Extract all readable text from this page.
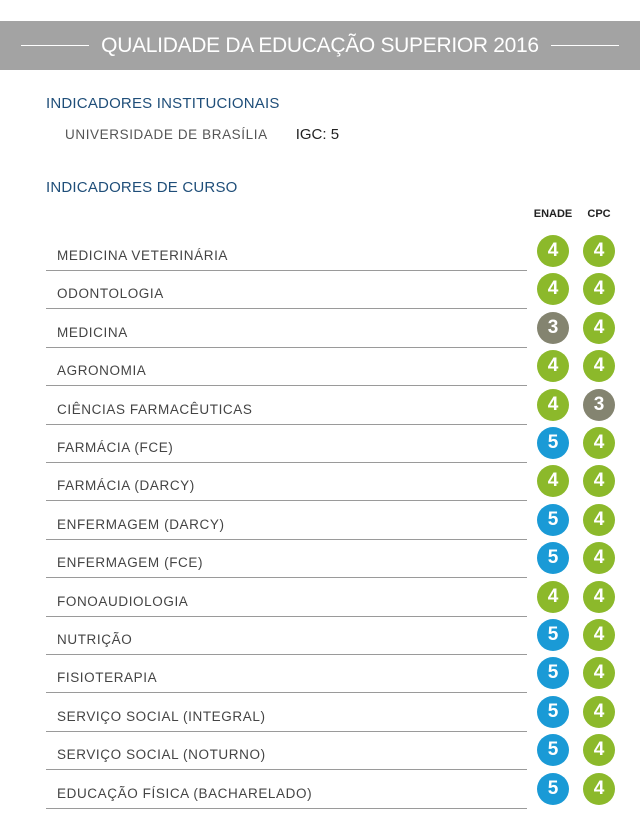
QUALIDADE DA EDUCAÇÃO SUPERIOR 2016
INDICADORES INSTITUCIONAIS
UNIVERSIDADE DE BRASÍLIA IGC: 5
INDICADORES DE CURSO
ENADE	CPC
MEDICINA VETERINÁRIA	4	4
ODONTOLOGIA	4	4
MEDICINA	3	4
AGRONOMIA	4	4
CIÊNCIAS FARMACÊUTICAS	4	3
FARMÁCIA (FCE)	5	4
FARMÁCIA (DARCY)	4	4
ENFERMAGEM (DARCY)	5	4
ENFERMAGEM (FCE)	5	4
FONOAUDIOLOGIA	4	4
NUTRIÇÃO	5	4
FISIOTERAPIA	5	4
SERVIÇO SOCIAL (INTEGRAL)	5	4
SERVIÇO SOCIAL (NOTURNO)	5	4
EDUCAÇÃO FÍSICA (BACHARELADO)	5	4
